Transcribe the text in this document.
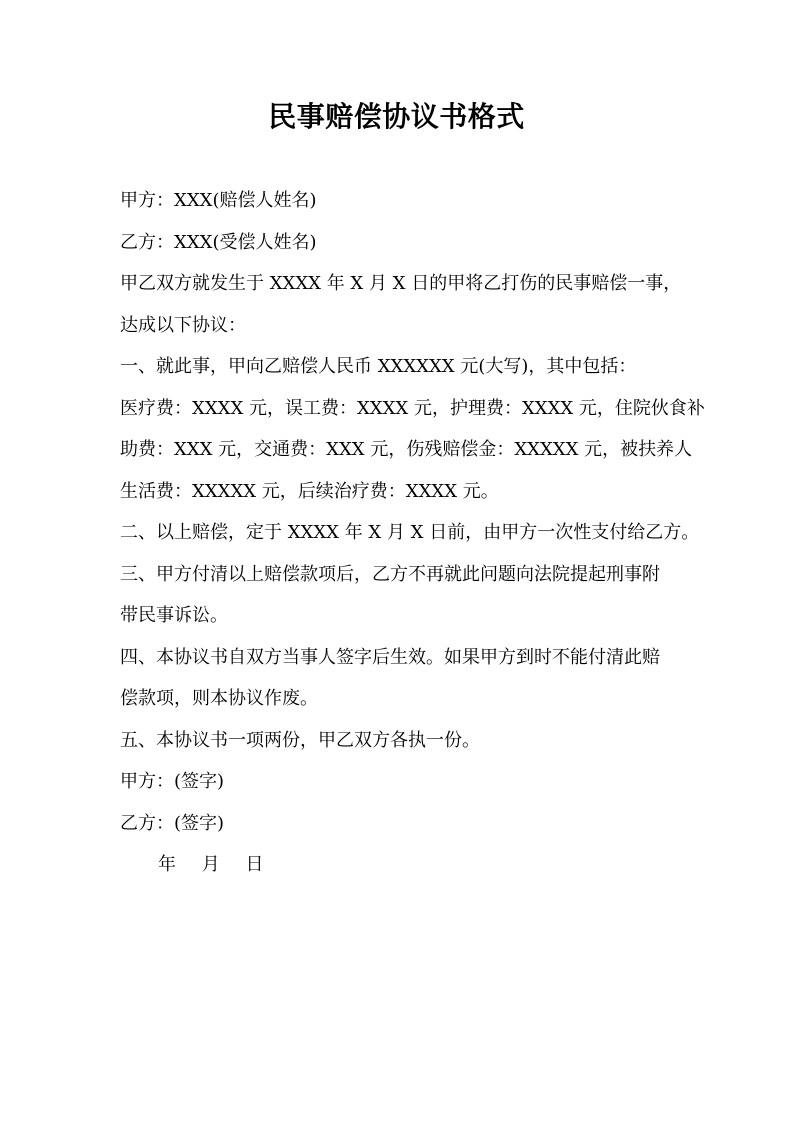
民事赔偿协议书格式
甲方：XXX(赔偿人姓名)
乙方：XXX(受偿人姓名)
甲乙双方就发生于 XXXX 年 X 月 X 日的甲将乙打伤的民事赔偿一事，
达成以下协议：
一、就此事，甲向乙赔偿人民币 XXXXXX 元(大写)，其中包括：
医疗费：XXXX 元，误工费：XXXX 元，护理费：XXXX 元，住院伙食补
助费：XXX 元，交通费：XXX 元，伤残赔偿金：XXXXX 元，被扶养人
生活费：XXXXX 元，后续治疗费：XXXX 元。
二、以上赔偿，定于 XXXX 年 X 月 X 日前，由甲方一次性支付给乙方。
三、甲方付清以上赔偿款项后，乙方不再就此问题向法院提起刑事附
带民事诉讼。
四、本协议书自双方当事人签字后生效。如果甲方到时不能付清此赔
偿款项，则本协议作废。
五、本协议书一项两份，甲乙双方各执一份。
甲方：(签字)
乙方：(签字)
年 月 日
